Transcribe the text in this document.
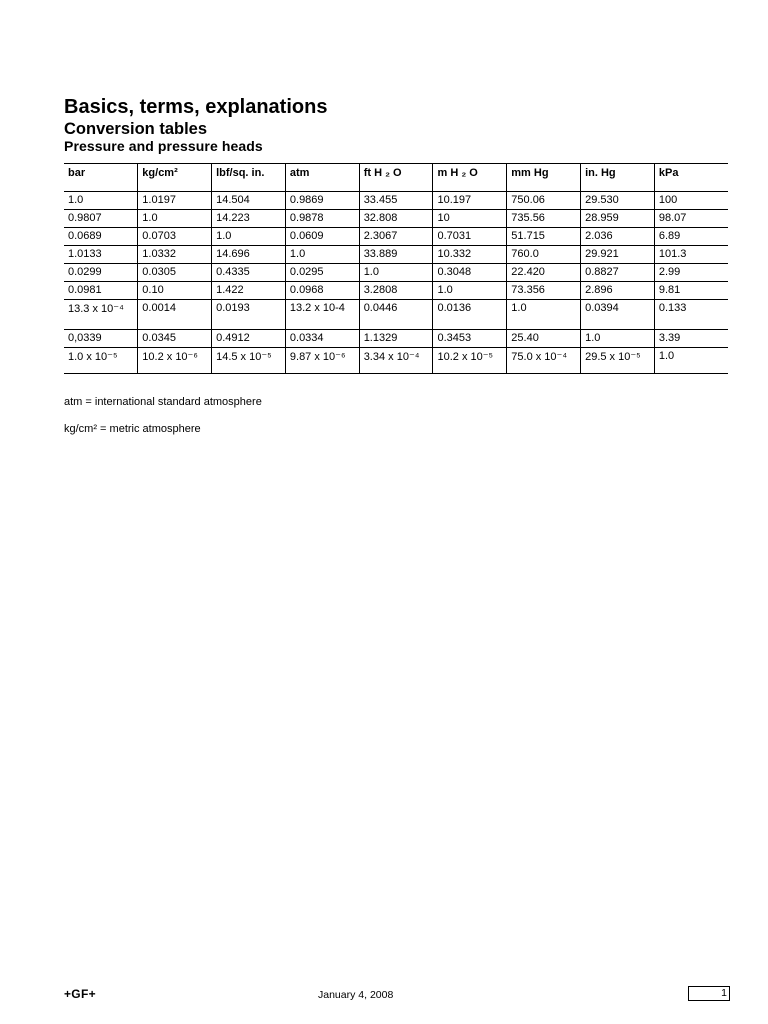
Basics, terms, explanations
Conversion tables
Pressure and pressure heads
bar	kg/cm²	lbf/sq. in.	atm	ft H ₂ O	m H ₂ O	mm Hg	in. Hg	kPa
1.0	1.0197	14.504	0.9869	33.455	10.197	750.06	29.530	100
0.9807	1.0	14.223	0.9878	32.808	10	735.56	28.959	98.07
0.0689	0.0703	1.0	0.0609	2.3067	0.7031	51.715	2.036	6.89
1.0133	1.0332	14.696	1.0	33.889	10.332	760.0	29.921	101.3
0.0299	0.0305	0.4335	0.0295	1.0	0.3048	22.420	0.8827	2.99
0.0981	0.10	1.422	0.0968	3.2808	1.0	73.356	2.896	9.81
13.3 x 10⁻⁴	0.0014	0.0193	13.2 x 10-4	0.0446	0.0136	1.0	0.0394	0.133
0,0339	0.0345	0.4912	0.0334	1.1329	0.3453	25.40	1.0	3.39
1.0 x 10⁻⁵	10.2 x 10⁻⁶	14.5 x 10⁻⁵	9.87 x 10⁻⁶	3.34 x 10⁻⁴	10.2 x 10⁻⁵	75.0 x 10⁻⁴	29.5 x 10⁻⁵	1.0
atm = international standard atmosphere
kg/cm² = metric atmosphere
+GF+	January 4, 2008	1
